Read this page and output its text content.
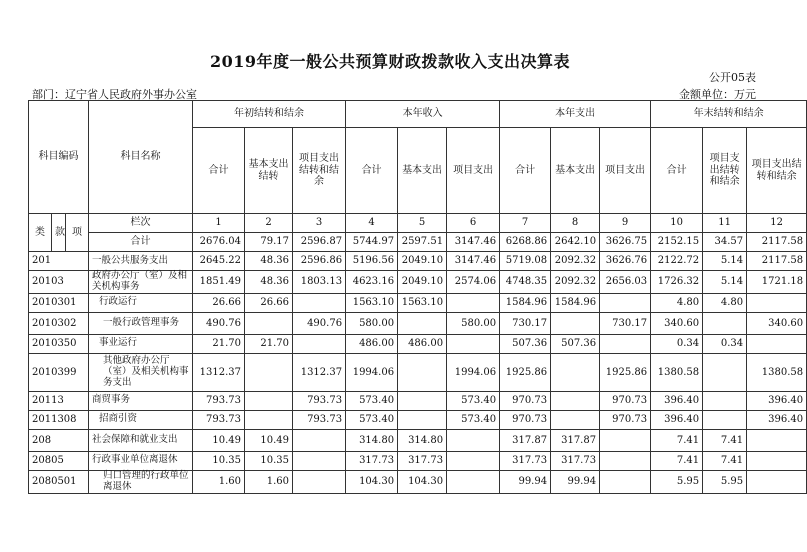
2019年度一般公共预算财政拨款收入支出决算表
公开05表
部门：辽宁省人民政府外事办公室	金额单位：万元
科目编码			科目名称	年初结转和结余			本年收入			本年支出			年末结转和结余		
				合计	基本支出结转	项目支出结转和结余	合计	基本支出	项目支出	合计	基本支出	项目支出	合计	项目支出结转和结余	项目支出结转和结余
类	款	项	栏次	1	2	3	4	5	6	7	8	9	10	11	12
			合计	2676.04	79.17	2596.87	5744.97	2597.51	3147.46	6268.86	2642.10	3626.75	2152.15	34.57	2117.58
201			一般公共服务支出	2645.22	48.36	2596.86	5196.56	2049.10	3147.46	5719.08	2092.32	3626.76	2122.72	5.14	2117.58
20103			政府办公厅（室）及相关机构事务	1851.49	48.36	1803.13	4623.16	2049.10	2574.06	4748.35	2092.32	2656.03	1726.32	5.14	1721.18
2010301			行政运行	26.66	26.66		1563.10	1563.10		1584.96	1584.96		4.80	4.80	
2010302			一般行政管理事务	490.76		490.76	580.00		580.00	730.17		730.17	340.60		340.60
2010350			事业运行	21.70	21.70		486.00	486.00		507.36	507.36		0.34	0.34	
2010399			其他政府办公厅（室）及相关机构事务支出	1312.37		1312.37	1994.06		1994.06	1925.86		1925.86	1380.58		1380.58
20113			商贸事务	793.73		793.73	573.40		573.40	970.73		970.73	396.40		396.40
2011308			招商引资	793.73		793.73	573.40		573.40	970.73		970.73	396.40		396.40
208			社会保障和就业支出	10.49	10.49		314.80	314.80		317.87	317.87		7.41	7.41	
20805			行政事业单位离退休	10.35	10.35		317.73	317.73		317.73	317.73		7.41	7.41	
2080501			归口管理的行政单位离退休	1.60	1.60		104.30	104.30		99.94	99.94		5.95	5.95	
